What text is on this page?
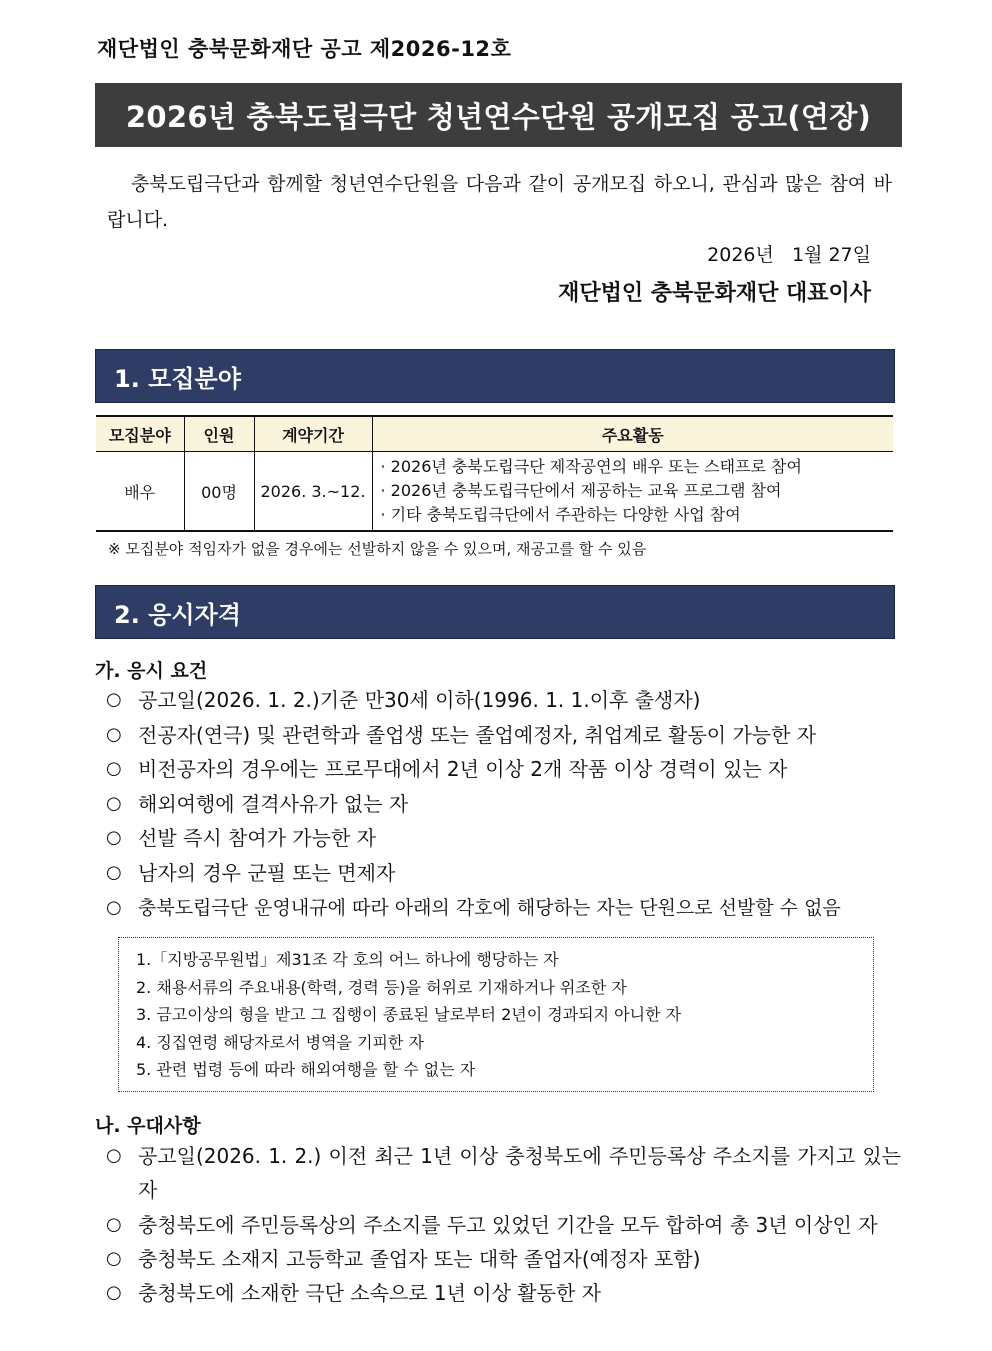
재단법인 충북문화재단 공고 제2026-12호
2026년 충북도립극단 청년연수단원 공개모집 공고(연장)
충북도립극단과 함께할 청년연수단원을 다음과 같이 공개모집 하오니, 관심과 많은 참여 바랍니다.
2026년   1월 27일
재단법인 충북문화재단 대표이사
1. 모집분야
모집분야	인원	계약기간	주요활동
배우	00명	2026. 3.~12.	· 2026년 충북도립극단 제작공연의 배우 또는 스태프로 참여
· 2026년 충북도립극단에서 제공하는 교육 프로그램 참여
· 기타 충북도립극단에서 주관하는 다양한 사업 참여
※ 모집분야 적임자가 없을 경우에는 선발하지 않을 수 있으며, 재공고를 할 수 있음
2. 응시자격
가. 응시 요건
○ 공고일(2026. 1. 2.)기준 만30세 이하(1996. 1. 1.이후 출생자)
○ 전공자(연극) 및 관련학과 졸업생 또는 졸업예정자, 취업계로 활동이 가능한 자
○ 비전공자의 경우에는 프로무대에서 2년 이상 2개 작품 이상 경력이 있는 자
○ 해외여행에 결격사유가 없는 자
○ 선발 즉시 참여가 가능한 자
○ 남자의 경우 군필 또는 면제자
○ 충북도립극단 운영내규에 따라 아래의 각호에 해당하는 자는 단원으로 선발할 수 없음
1.「지방공무원법」제31조 각 호의 어느 하나에 행당하는 자
2. 채용서류의 주요내용(학력, 경력 등)을 허위로 기재하거나 위조한 자
3. 금고이상의 형을 받고 그 집행이 종료된 날로부터 2년이 경과되지 아니한 자
4. 징집연령 해당자로서 병역을 기피한 자
5. 관련 법령 등에 따라 해외여행을 할 수 없는 자
나. 우대사항
○ 공고일(2026. 1. 2.) 이전 최근 1년 이상 충청북도에 주민등록상 주소지를 가지고 있는 자
○ 충청북도에 주민등록상의 주소지를 두고 있었던 기간을 모두 합하여 총 3년 이상인 자
○ 충청북도 소재지 고등학교 졸업자 또는 대학 졸업자(예정자 포함)
○ 충청북도에 소재한 극단 소속으로 1년 이상 활동한 자
